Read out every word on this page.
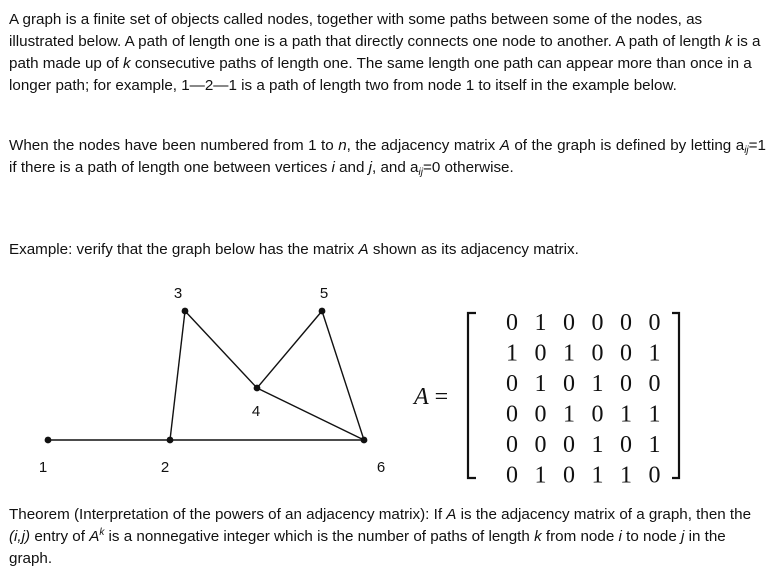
A graph is a finite set of objects called nodes, together with some paths between some of the nodes, as illustrated below. A path of length one is a path that directly connects one node to another. A path of length k is a path made up of k consecutive paths of length one. The same length one path can appear more than once in a longer path; for example, 1—2—1 is a path of length two from node 1 to itself in the example below.

When the nodes have been numbered from 1 to n, the adjacency matrix A of the graph is defined by letting $a_{ij}=1$ if there is a path of length one between vertices i and j, and $a_{ij}=0$ otherwise.

Example: verify that the graph below has the matrix A shown as its adjacency matrix.

1	2
3
4
5
6
A =
0 1 0 0 0 0
1 0 1 0 0 1
0 1 0 1 0 0
0 0 1 0 1 1
0 0 0 1 0 1
0 1 0 1 1 0

Theorem (Interpretation of the powers of an adjacency matrix): If A is the adjacency matrix of a graph, then the (i,j) entry of $A^k$ is a nonnegative integer which is the number of paths of length k from node i to node j in the graph.
